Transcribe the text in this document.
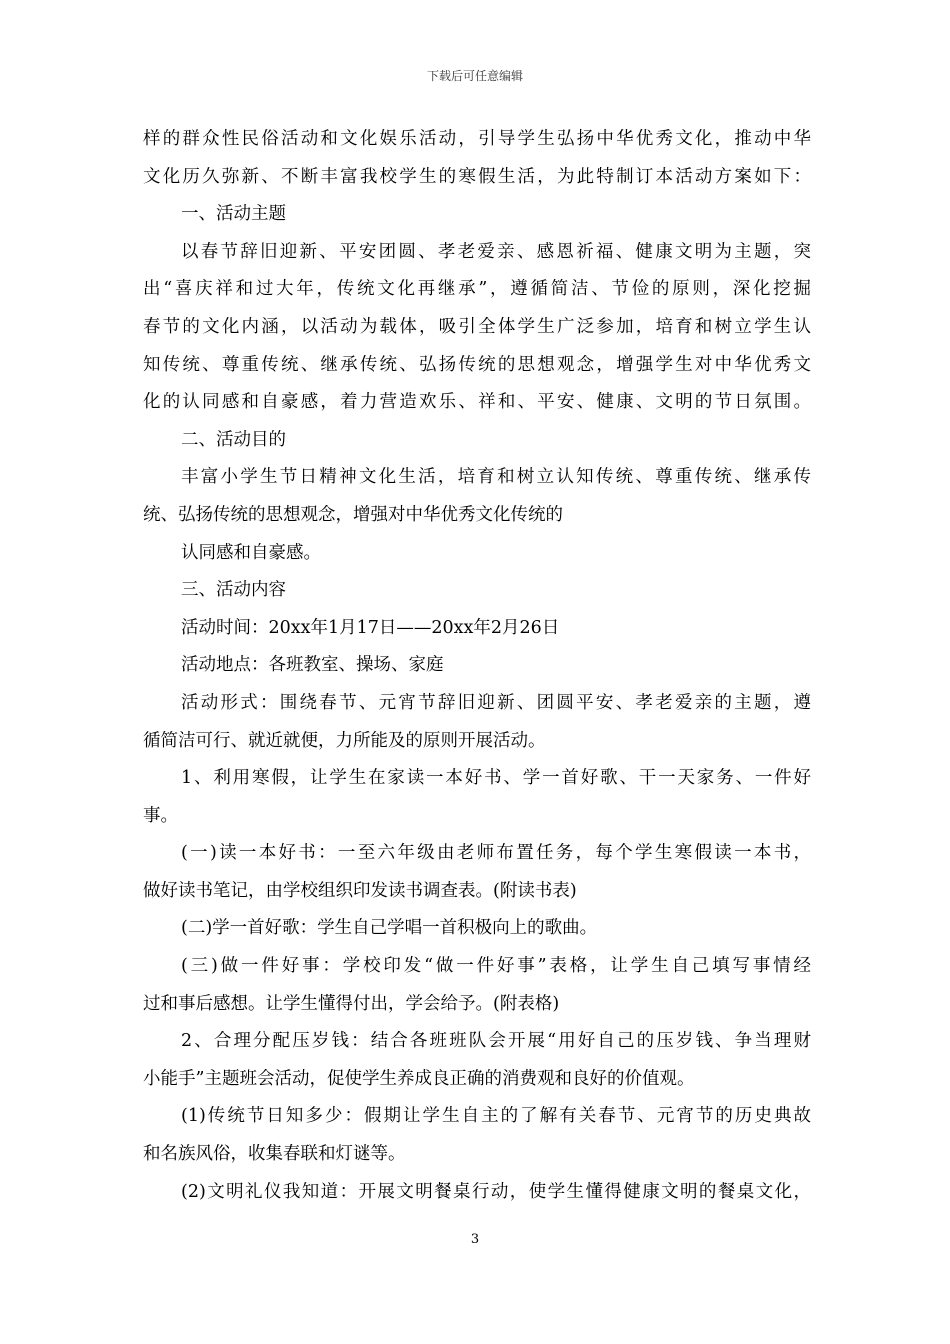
下载后可任意编辑
样的群众性民俗活动和文化娱乐活动，引导学生弘扬中华优秀文化，推动中华
文化历久弥新、不断丰富我校学生的寒假生活，为此特制订本活动方案如下：
一、活动主题
以春节辞旧迎新、平安团圆、孝老爱亲、感恩祈福、健康文明为主题，突
出“喜庆祥和过大年，传统文化再继承”，遵循简洁、节俭的原则，深化挖掘
春节的文化内涵，以活动为载体，吸引全体学生广泛参加，培育和树立学生认
知传统、尊重传统、继承传统、弘扬传统的思想观念，增强学生对中华优秀文
化的认同感和自豪感，着力营造欢乐、祥和、平安、健康、文明的节日氛围。
二、活动目的
丰富小学生节日精神文化生活，培育和树立认知传统、尊重传统、继承传
统、弘扬传统的思想观念，增强对中华优秀文化传统的
认同感和自豪感。
三、活动内容
活动时间：20xx年1月17日——20xx年2月26日
活动地点：各班教室、操场、家庭
活动形式：围绕春节、元宵节辞旧迎新、团圆平安、孝老爱亲的主题，遵
循简洁可行、就近就便，力所能及的原则开展活动。
1、利用寒假，让学生在家读一本好书、学一首好歌、干一天家务、一件好
事。
(一)读一本好书：一至六年级由老师布置任务，每个学生寒假读一本书，
做好读书笔记，由学校组织印发读书调查表。(附读书表)
(二)学一首好歌：学生自己学唱一首积极向上的歌曲。
(三)做一件好事：学校印发“做一件好事”表格，让学生自己填写事情经
过和事后感想。让学生懂得付出，学会给予。(附表格)
2、合理分配压岁钱：结合各班班队会开展“用好自己的压岁钱、争当理财
小能手”主题班会活动，促使学生养成良正确的消费观和良好的价值观。
(1)传统节日知多少：假期让学生自主的了解有关春节、元宵节的历史典故
和名族风俗，收集春联和灯谜等。
(2)文明礼仪我知道：开展文明餐桌行动，使学生懂得健康文明的餐桌文化，
3
